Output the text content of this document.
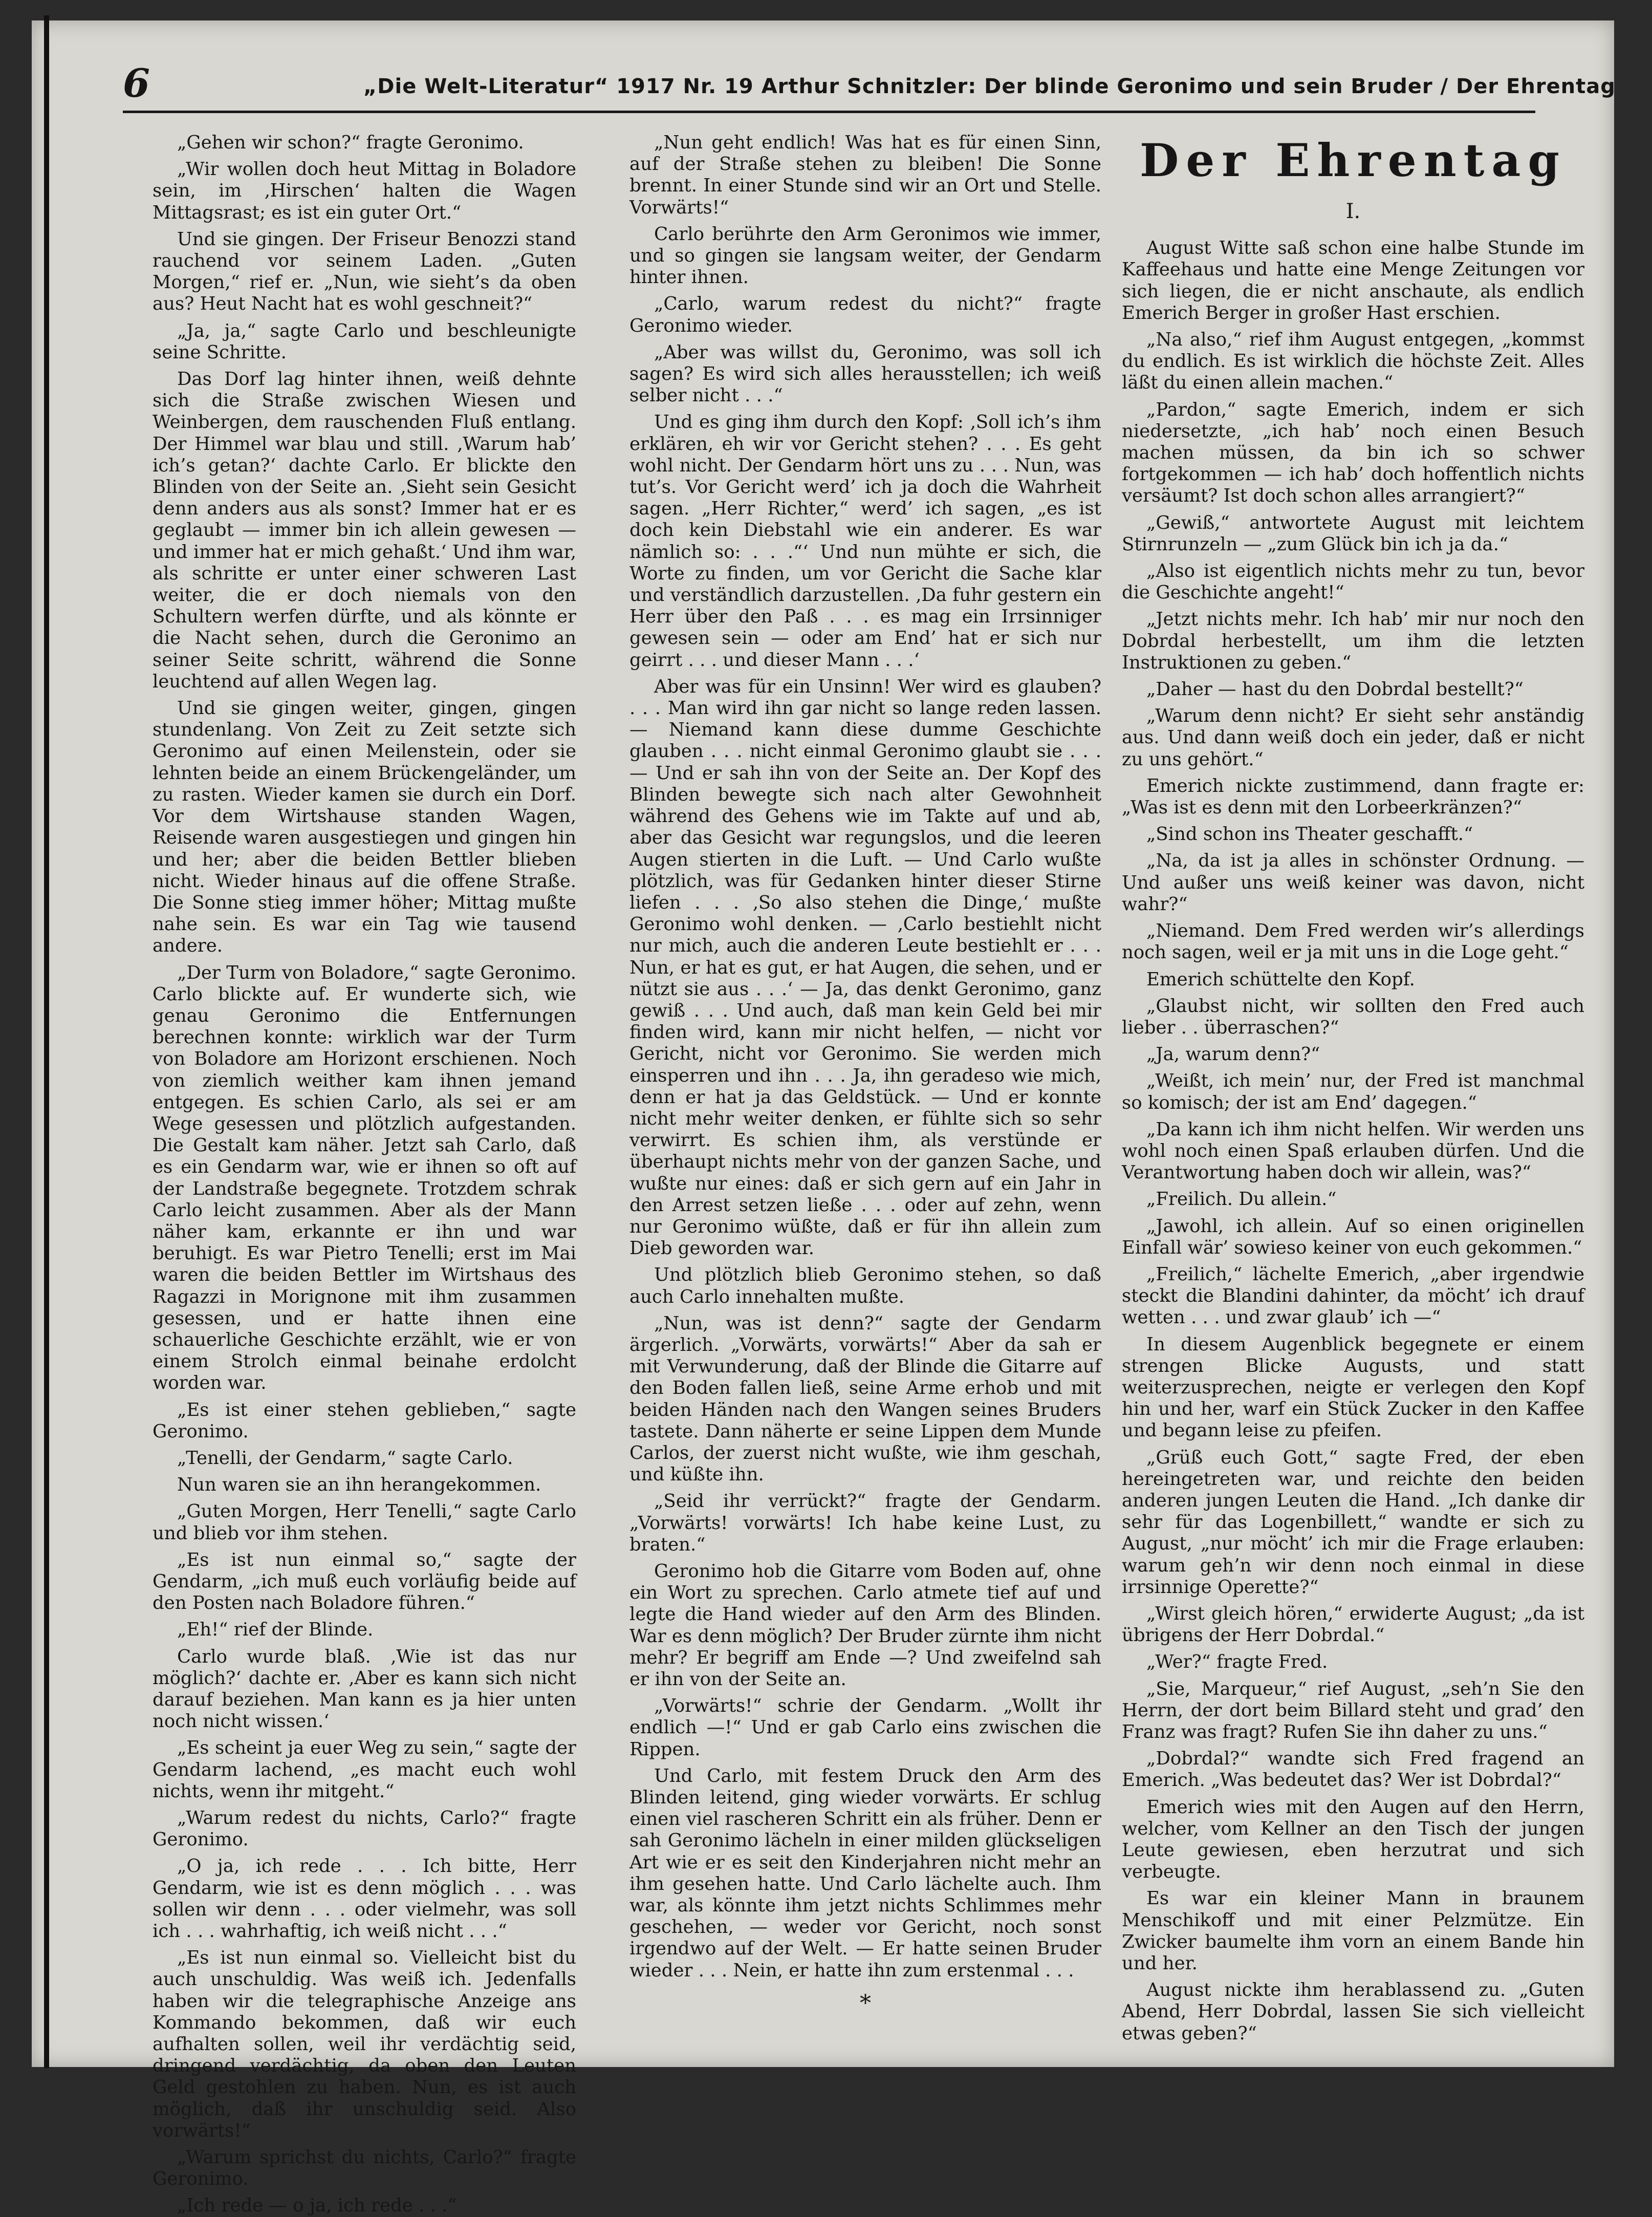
6	„Die Welt-Literatur“ 1917 Nr. 19 Arthur Schnitzler: Der blinde Geronimo und sein Bruder / Der Ehrentag

„Gehen wir schon?“ fragte Geronimo.

„Wir wollen doch heut Mittag in Boladore sein, im ‚Hirschen‘ halten die Wagen Mittagsrast; es ist ein guter Ort.“

Und sie gingen. Der Friseur Benozzi stand rauchend vor seinem Laden. „Guten Morgen,“ rief er. „Nun, wie sieht’s da oben aus? Heut Nacht hat es wohl geschneit?“

„Ja, ja,“ sagte Carlo und beschleunigte seine Schritte.

Das Dorf lag hinter ihnen, weiß dehnte sich die Straße zwischen Wiesen und Weinbergen, dem rauschenden Fluß entlang. Der Himmel war blau und still. ‚Warum hab’ ich’s getan?‘ dachte Carlo. Er blickte den Blinden von der Seite an. ‚Sieht sein Gesicht denn anders aus als sonst? Immer hat er es geglaubt — immer bin ich allein gewesen — und immer hat er mich gehaßt.‘ Und ihm war, als schritte er unter einer schweren Last weiter, die er doch niemals von den Schultern werfen dürfte, und als könnte er die Nacht sehen, durch die Geronimo an seiner Seite schritt, während die Sonne leuchtend auf allen Wegen lag.

Und sie gingen weiter, gingen, gingen stundenlang. Von Zeit zu Zeit setzte sich Geronimo auf einen Meilenstein, oder sie lehnten beide an einem Brückengeländer, um zu rasten. Wieder kamen sie durch ein Dorf. Vor dem Wirtshause standen Wagen, Reisende waren ausgestiegen und gingen hin und her; aber die beiden Bettler blieben nicht. Wieder hinaus auf die offene Straße. Die Sonne stieg immer höher; Mittag mußte nahe sein. Es war ein Tag wie tausend andere.

„Der Turm von Boladore,“ sagte Geronimo. Carlo blickte auf. Er wunderte sich, wie genau Geronimo die Entfernungen berechnen konnte: wirklich war der Turm von Boladore am Horizont erschienen. Noch von ziemlich weither kam ihnen jemand entgegen. Es schien Carlo, als sei er am Wege gesessen und plötzlich aufgestanden. Die Gestalt kam näher. Jetzt sah Carlo, daß es ein Gendarm war, wie er ihnen so oft auf der Landstraße begegnete. Trotzdem schrak Carlo leicht zusammen. Aber als der Mann näher kam, erkannte er ihn und war beruhigt. Es war Pietro Tenelli; erst im Mai waren die beiden Bettler im Wirtshaus des Ragazzi in Morignone mit ihm zusammen gesessen, und er hatte ihnen eine schauerliche Geschichte erzählt, wie er von einem Strolch einmal beinahe erdolcht worden war.

„Es ist einer stehen geblieben,“ sagte Geronimo.

„Tenelli, der Gendarm,“ sagte Carlo.

Nun waren sie an ihn herangekommen.

„Guten Morgen, Herr Tenelli,“ sagte Carlo und blieb vor ihm stehen.

„Es ist nun einmal so,“ sagte der Gendarm, „ich muß euch vorläufig beide auf den Posten nach Boladore führen.“

„Eh!“ rief der Blinde.

Carlo wurde blaß. ‚Wie ist das nur möglich?‘ dachte er. ‚Aber es kann sich nicht darauf beziehen. Man kann es ja hier unten noch nicht wissen.‘

„Es scheint ja euer Weg zu sein,“ sagte der Gendarm lachend, „es macht euch wohl nichts, wenn ihr mitgeht.“

„Warum redest du nichts, Carlo?“ fragte Geronimo.

„O ja, ich rede . . . Ich bitte, Herr Gendarm, wie ist es denn möglich . . . was sollen wir denn . . . oder vielmehr, was soll ich . . . wahrhaftig, ich weiß nicht . . .“

„Es ist nun einmal so. Vielleicht bist du auch unschuldig. Was weiß ich. Jedenfalls haben wir die telegraphische Anzeige ans Kommando bekommen, daß wir euch aufhalten sollen, weil ihr verdächtig seid, dringend verdächtig, da oben den Leuten Geld gestohlen zu haben. Nun, es ist auch möglich, daß ihr unschuldig seid. Also vorwärts!“

„Warum sprichst du nichts, Carlo?“ fragte Geronimo.

„Ich rede — o ja, ich rede . . .“

„Nun geht endlich! Was hat es für einen Sinn, auf der Straße stehen zu bleiben! Die Sonne brennt. In einer Stunde sind wir an Ort und Stelle. Vorwärts!“

Carlo berührte den Arm Geronimos wie immer, und so gingen sie langsam weiter, der Gendarm hinter ihnen.

„Carlo, warum redest du nicht?“ fragte Geronimo wieder.

„Aber was willst du, Geronimo, was soll ich sagen? Es wird sich alles herausstellen; ich weiß selber nicht . . .“

Und es ging ihm durch den Kopf: ‚Soll ich’s ihm erklären, eh wir vor Gericht stehen? . . . Es geht wohl nicht. Der Gendarm hört uns zu . . . Nun, was tut’s. Vor Gericht werd’ ich ja doch die Wahrheit sagen. „Herr Richter,“ werd’ ich sagen, „es ist doch kein Diebstahl wie ein anderer. Es war nämlich so: . . .“‘ Und nun mühte er sich, die Worte zu finden, um vor Gericht die Sache klar und verständlich darzustellen. ‚Da fuhr gestern ein Herr über den Paß . . . es mag ein Irrsinniger gewesen sein — oder am End’ hat er sich nur geirrt . . . und dieser Mann . . .‘

Aber was für ein Unsinn! Wer wird es glauben? . . . Man wird ihn gar nicht so lange reden lassen. — Niemand kann diese dumme Geschichte glauben . . . nicht einmal Geronimo glaubt sie . . . — Und er sah ihn von der Seite an. Der Kopf des Blinden bewegte sich nach alter Gewohnheit während des Gehens wie im Takte auf und ab, aber das Gesicht war regungslos, und die leeren Augen stierten in die Luft. — Und Carlo wußte plötzlich, was für Gedanken hinter dieser Stirne liefen . . . ‚So also stehen die Dinge,‘ mußte Geronimo wohl denken. — ‚Carlo bestiehlt nicht nur mich, auch die anderen Leute bestiehlt er . . . Nun, er hat es gut, er hat Augen, die sehen, und er nützt sie aus . . .‘ — Ja, das denkt Geronimo, ganz gewiß . . . Und auch, daß man kein Geld bei mir finden wird, kann mir nicht helfen, — nicht vor Gericht, nicht vor Geronimo. Sie werden mich einsperren und ihn . . . Ja, ihn geradeso wie mich, denn er hat ja das Geldstück. — Und er konnte nicht mehr weiter denken, er fühlte sich so sehr verwirrt. Es schien ihm, als verstünde er überhaupt nichts mehr von der ganzen Sache, und wußte nur eines: daß er sich gern auf ein Jahr in den Arrest setzen ließe . . . oder auf zehn, wenn nur Geronimo wüßte, daß er für ihn allein zum Dieb geworden war.

Und plötzlich blieb Geronimo stehen, so daß auch Carlo innehalten mußte.

„Nun, was ist denn?“ sagte der Gendarm ärgerlich. „Vorwärts, vorwärts!“ Aber da sah er mit Verwunderung, daß der Blinde die Gitarre auf den Boden fallen ließ, seine Arme erhob und mit beiden Händen nach den Wangen seines Bruders tastete. Dann näherte er seine Lippen dem Munde Carlos, der zuerst nicht wußte, wie ihm geschah, und küßte ihn.

„Seid ihr verrückt?“ fragte der Gendarm. „Vorwärts! vorwärts! Ich habe keine Lust, zu braten.“

Geronimo hob die Gitarre vom Boden auf, ohne ein Wort zu sprechen. Carlo atmete tief auf und legte die Hand wieder auf den Arm des Blinden. War es denn möglich? Der Bruder zürnte ihm nicht mehr? Er begriff am Ende —? Und zweifelnd sah er ihn von der Seite an.

„Vorwärts!“ schrie der Gendarm. „Wollt ihr endlich —!“ Und er gab Carlo eins zwischen die Rippen.

Und Carlo, mit festem Druck den Arm des Blinden leitend, ging wieder vorwärts. Er schlug einen viel rascheren Schritt ein als früher. Denn er sah Geronimo lächeln in einer milden glückseligen Art wie er es seit den Kinderjahren nicht mehr an ihm gesehen hatte. Und Carlo lächelte auch. Ihm war, als könnte ihm jetzt nichts Schlimmes mehr geschehen, — weder vor Gericht, noch sonst irgendwo auf der Welt. — Er hatte seinen Bruder wieder . . . Nein, er hatte ihn zum erstenmal . . .

*
Der Ehrentag
I.

August Witte saß schon eine halbe Stunde im Kaffeehaus und hatte eine Menge Zeitungen vor sich liegen, die er nicht anschaute, als endlich Emerich Berger in großer Hast erschien.

„Na also,“ rief ihm August entgegen, „kommst du endlich. Es ist wirklich die höchste Zeit. Alles läßt du einen allein machen.“

„Pardon,“ sagte Emerich, indem er sich niedersetzte, „ich hab’ noch einen Besuch machen müssen, da bin ich so schwer fortgekommen — ich hab’ doch hoffentlich nichts versäumt? Ist doch schon alles arrangiert?“

„Gewiß,“ antwortete August mit leichtem Stirnrunzeln — „zum Glück bin ich ja da.“

„Also ist eigentlich nichts mehr zu tun, bevor die Geschichte angeht!“

„Jetzt nichts mehr. Ich hab’ mir nur noch den Dobrdal herbestellt, um ihm die letzten Instruktionen zu geben.“

„Daher — hast du den Dobrdal bestellt?“

„Warum denn nicht? Er sieht sehr anständig aus. Und dann weiß doch ein jeder, daß er nicht zu uns gehört.“

Emerich nickte zustimmend, dann fragte er: „Was ist es denn mit den Lorbeerkränzen?“

„Sind schon ins Theater geschafft.“

„Na, da ist ja alles in schönster Ordnung. — Und außer uns weiß keiner was davon, nicht wahr?“

„Niemand. Dem Fred werden wir’s allerdings noch sagen, weil er ja mit uns in die Loge geht.“

Emerich schüttelte den Kopf.

„Glaubst nicht, wir sollten den Fred auch lieber . . überraschen?“

„Ja, warum denn?“

„Weißt, ich mein’ nur, der Fred ist manchmal so komisch; der ist am End’ dagegen.“

„Da kann ich ihm nicht helfen. Wir werden uns wohl noch einen Spaß erlauben dürfen. Und die Verantwortung haben doch wir allein, was?“

„Freilich. Du allein.“

„Jawohl, ich allein. Auf so einen originellen Einfall wär’ sowieso keiner von euch gekommen.“

„Freilich,“ lächelte Emerich, „aber irgendwie steckt die Blandini dahinter, da möcht’ ich drauf wetten . . . und zwar glaub’ ich —“

In diesem Augenblick begegnete er einem strengen Blicke Augusts, und statt weiterzusprechen, neigte er verlegen den Kopf hin und her, warf ein Stück Zucker in den Kaffee und begann leise zu pfeifen.

„Grüß euch Gott,“ sagte Fred, der eben hereingetreten war, und reichte den beiden anderen jungen Leuten die Hand. „Ich danke dir sehr für das Logenbillett,“ wandte er sich zu August, „nur möcht’ ich mir die Frage erlauben: warum geh’n wir denn noch einmal in diese irrsinnige Operette?“

„Wirst gleich hören,“ erwiderte August; „da ist übrigens der Herr Dobrdal.“

„Wer?“ fragte Fred.

„Sie, Marqueur,“ rief August, „seh’n Sie den Herrn, der dort beim Billard steht und grad’ den Franz was fragt? Rufen Sie ihn daher zu uns.“

„Dobrdal?“ wandte sich Fred fragend an Emerich. „Was bedeutet das? Wer ist Dobrdal?“

Emerich wies mit den Augen auf den Herrn, welcher, vom Kellner an den Tisch der jungen Leute gewiesen, eben herzutrat und sich verbeugte.

Es war ein kleiner Mann in braunem Menschikoff und mit einer Pelzmütze. Ein Zwicker baumelte ihm vorn an einem Bande hin und her.

August nickte ihm herablassend zu. „Guten Abend, Herr Dobrdal, lassen Sie sich vielleicht etwas geben?“
